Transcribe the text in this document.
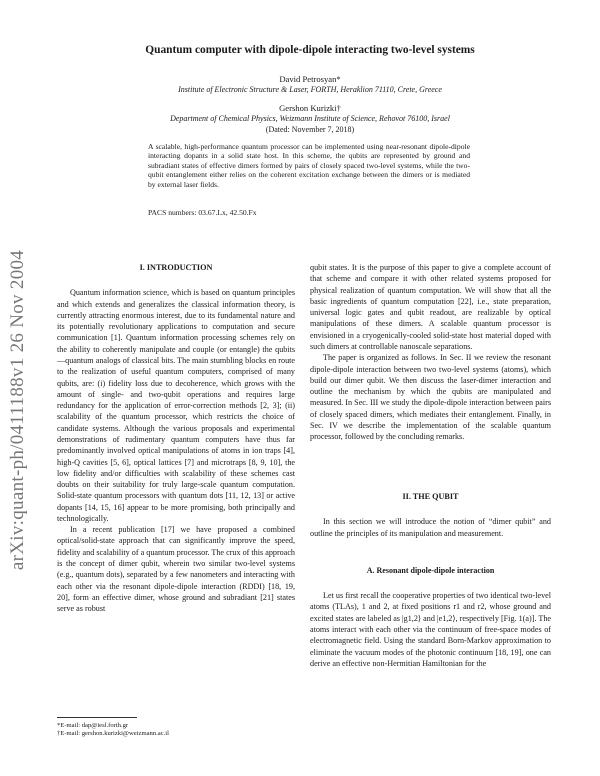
arXiv:quant-ph/0411188v1 26 Nov 2004
Quantum computer with dipole-dipole interacting two-level systems
David Petrosyan*
Institute of Electronic Structure & Laser, FORTH, Heraklion 71110, Crete, Greece
Gershon Kurizki†
Department of Chemical Physics, Weizmann Institute of Science, Rehovot 76100, Israel
(Dated: November 7, 2018)

A scalable, high-performance quantum processor can be implemented using near-resonant dipole-dipole interacting dopants in a solid state host. In this scheme, the qubits are represented by ground and subradiant states of effective dimers formed by pairs of closely spaced two-level systems, while the two-qubit entanglement either relies on the coherent excitation exchange between the dimers or is mediated by external laser fields.

PACS numbers: 03.67.Lx, 42.50.Fx
I. INTRODUCTION

Quantum information science, which is based on quantum principles and which extends and generalizes the classical information theory, is currently attracting enormous interest, due to its fundamental nature and its potentially revolutionary applications to computation and secure communication [1]. Quantum information processing schemes rely on the ability to coherently manipulate and couple (or entangle) the qubits—quantum analogs of classical bits. The main stumbling blocks en route to the realization of useful quantum computers, comprised of many qubits, are: (i) fidelity loss due to decoherence, which grows with the amount of single- and two-qubit operations and requires large redundancy for the application of error-correction methods [2, 3]; (ii) scalability of the quantum processor, which restricts the choice of candidate systems. Although the various proposals and experimental demonstrations of rudimentary quantum computers have thus far predominantly involved optical manipulations of atoms in ion traps [4], high-Q cavities [5, 6], optical lattices [7] and microtraps [8, 9, 10], the low fidelity and/or difficulties with scalability of these schemes cast doubts on their suitability for truly large-scale quantum computation. Solid-state quantum processors with quantum dots [11, 12, 13] or active dopants [14, 15, 16] appear to be more promising, both principally and technologically.

In a recent publication [17] we have proposed a combined optical/solid-state approach that can significantly improve the speed, fidelity and scalability of a quantum processor. The crux of this approach is the concept of dimer qubit, wherein two similar two-level systems (e.g., quantum dots), separated by a few nanometers and interacting with each other via the resonant dipole-dipole interaction (RDDI) [18, 19, 20], form an effective dimer, whose ground and subradiant [21] states serve as robust

qubit states. It is the purpose of this paper to give a complete account of that scheme and compare it with other related systems proposed for physical realization of quantum computation. We will show that all the basic ingredients of quantum computation [22], i.e., state preparation, universal logic gates and qubit readout, are realizable by optical manipulations of these dimers. A scalable quantum processor is envisioned in a cryogenically-cooled solid-state host material doped with such dimers at controllable nanoscale separations.

The paper is organized as follows. In Sec. II we review the resonant dipole-dipole interaction between two two-level systems (atoms), which build our dimer qubit. We then discuss the laser-dimer interaction and outline the mechanism by which the qubits are manipulated and measured. In Sec. III we study the dipole-dipole interaction between pairs of closely spaced dimers, which mediates their entanglement. Finally, in Sec. IV we describe the implementation of the scalable quantum processor, followed by the concluding remarks.

II. THE QUBIT

In this section we will introduce the notion of “dimer qubit” and outline the principles of its manipulation and measurement.

A. Resonant dipole-dipole interaction

Let us first recall the cooperative properties of two identical two-level atoms (TLAs), 1 and 2, at fixed positions r1 and r2, whose ground and excited states are labeled as |g1,2⟩ and |e1,2⟩, respectively [Fig. 1(a)]. The atoms interact with each other via the continuum of free-space modes of electromagnetic field. Using the standard Born-Markov approximation to eliminate the vacuum modes of the photonic continuum [18, 19], one can derive an effective non-Hermitian Hamiltonian for the

*E-mail: dap@iesl.forth.gr
†E-mail: gershon.kurizki@weizmann.ac.il
